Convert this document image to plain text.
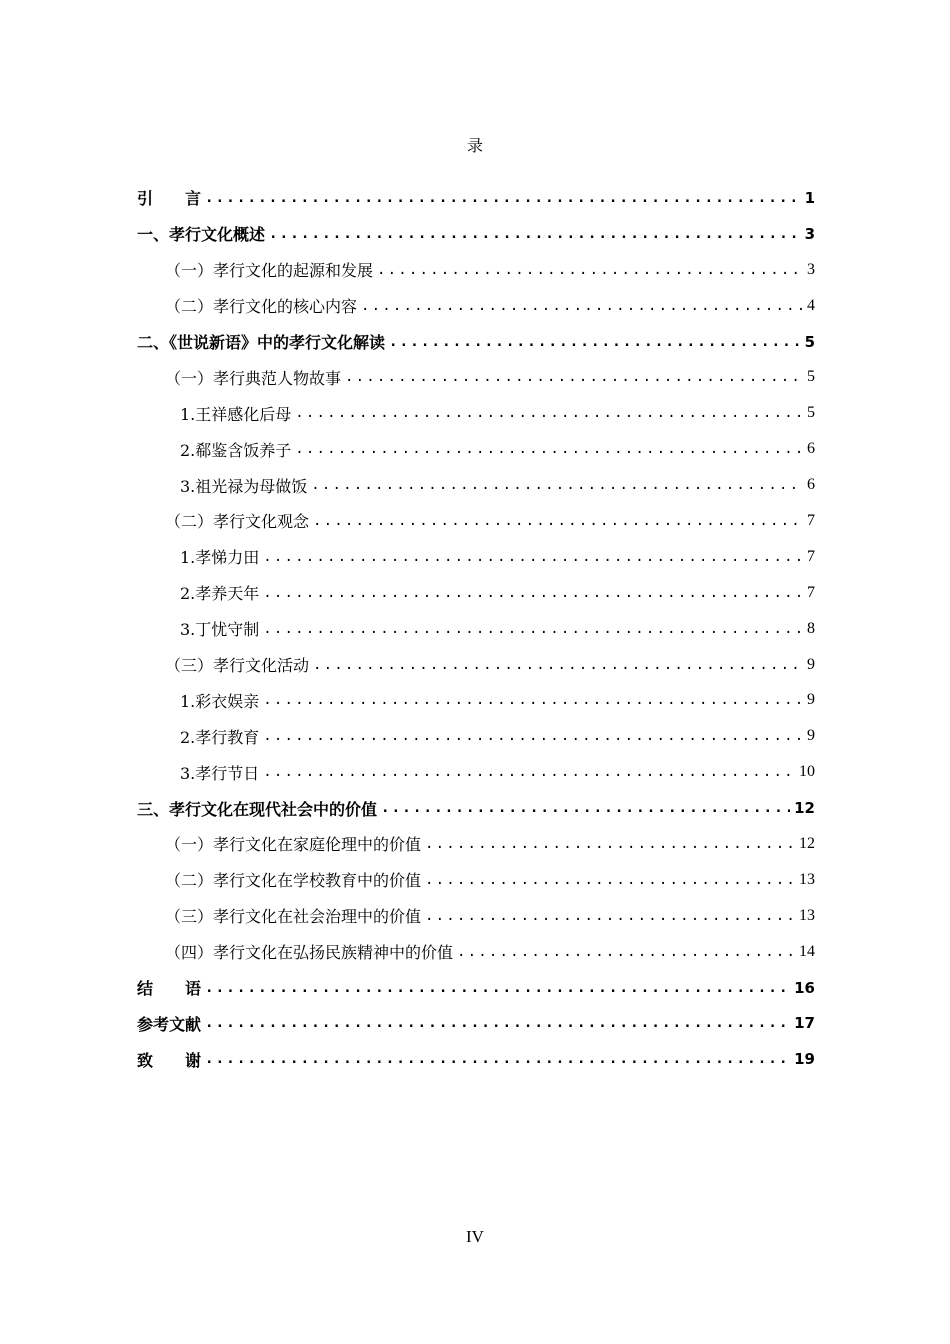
录
引　　言 .....	1
一、孝行文化概述 .....	3
（一）孝行文化的起源和发展 .....	3
（二）孝行文化的核心内容 .....	4
二、《世说新语》中的孝行文化解读 .....	5
（一）孝行典范人物故事 .....	5
1.王祥感化后母 .....	5
2.郗鉴含饭养子 .....	6
3.祖光禄为母做饭 .....	6
（二）孝行文化观念 .....	7
1.孝悌力田 .....	7
2.孝养天年 .....	7
3.丁忧守制 .....	8
（三）孝行文化活动 .....	9
1.彩衣娱亲 .....	9
2.孝行教育 .....	9
3.孝行节日 .....	10
三、孝行文化在现代社会中的价值 .....	12
（一）孝行文化在家庭伦理中的价值 .....	12
（二）孝行文化在学校教育中的价值 .....	13
（三）孝行文化在社会治理中的价值 .....	13
（四）孝行文化在弘扬民族精神中的价值 .....	14
结　　语 .....	16
参考文献 .....	17
致　　谢 .....	19
IV
